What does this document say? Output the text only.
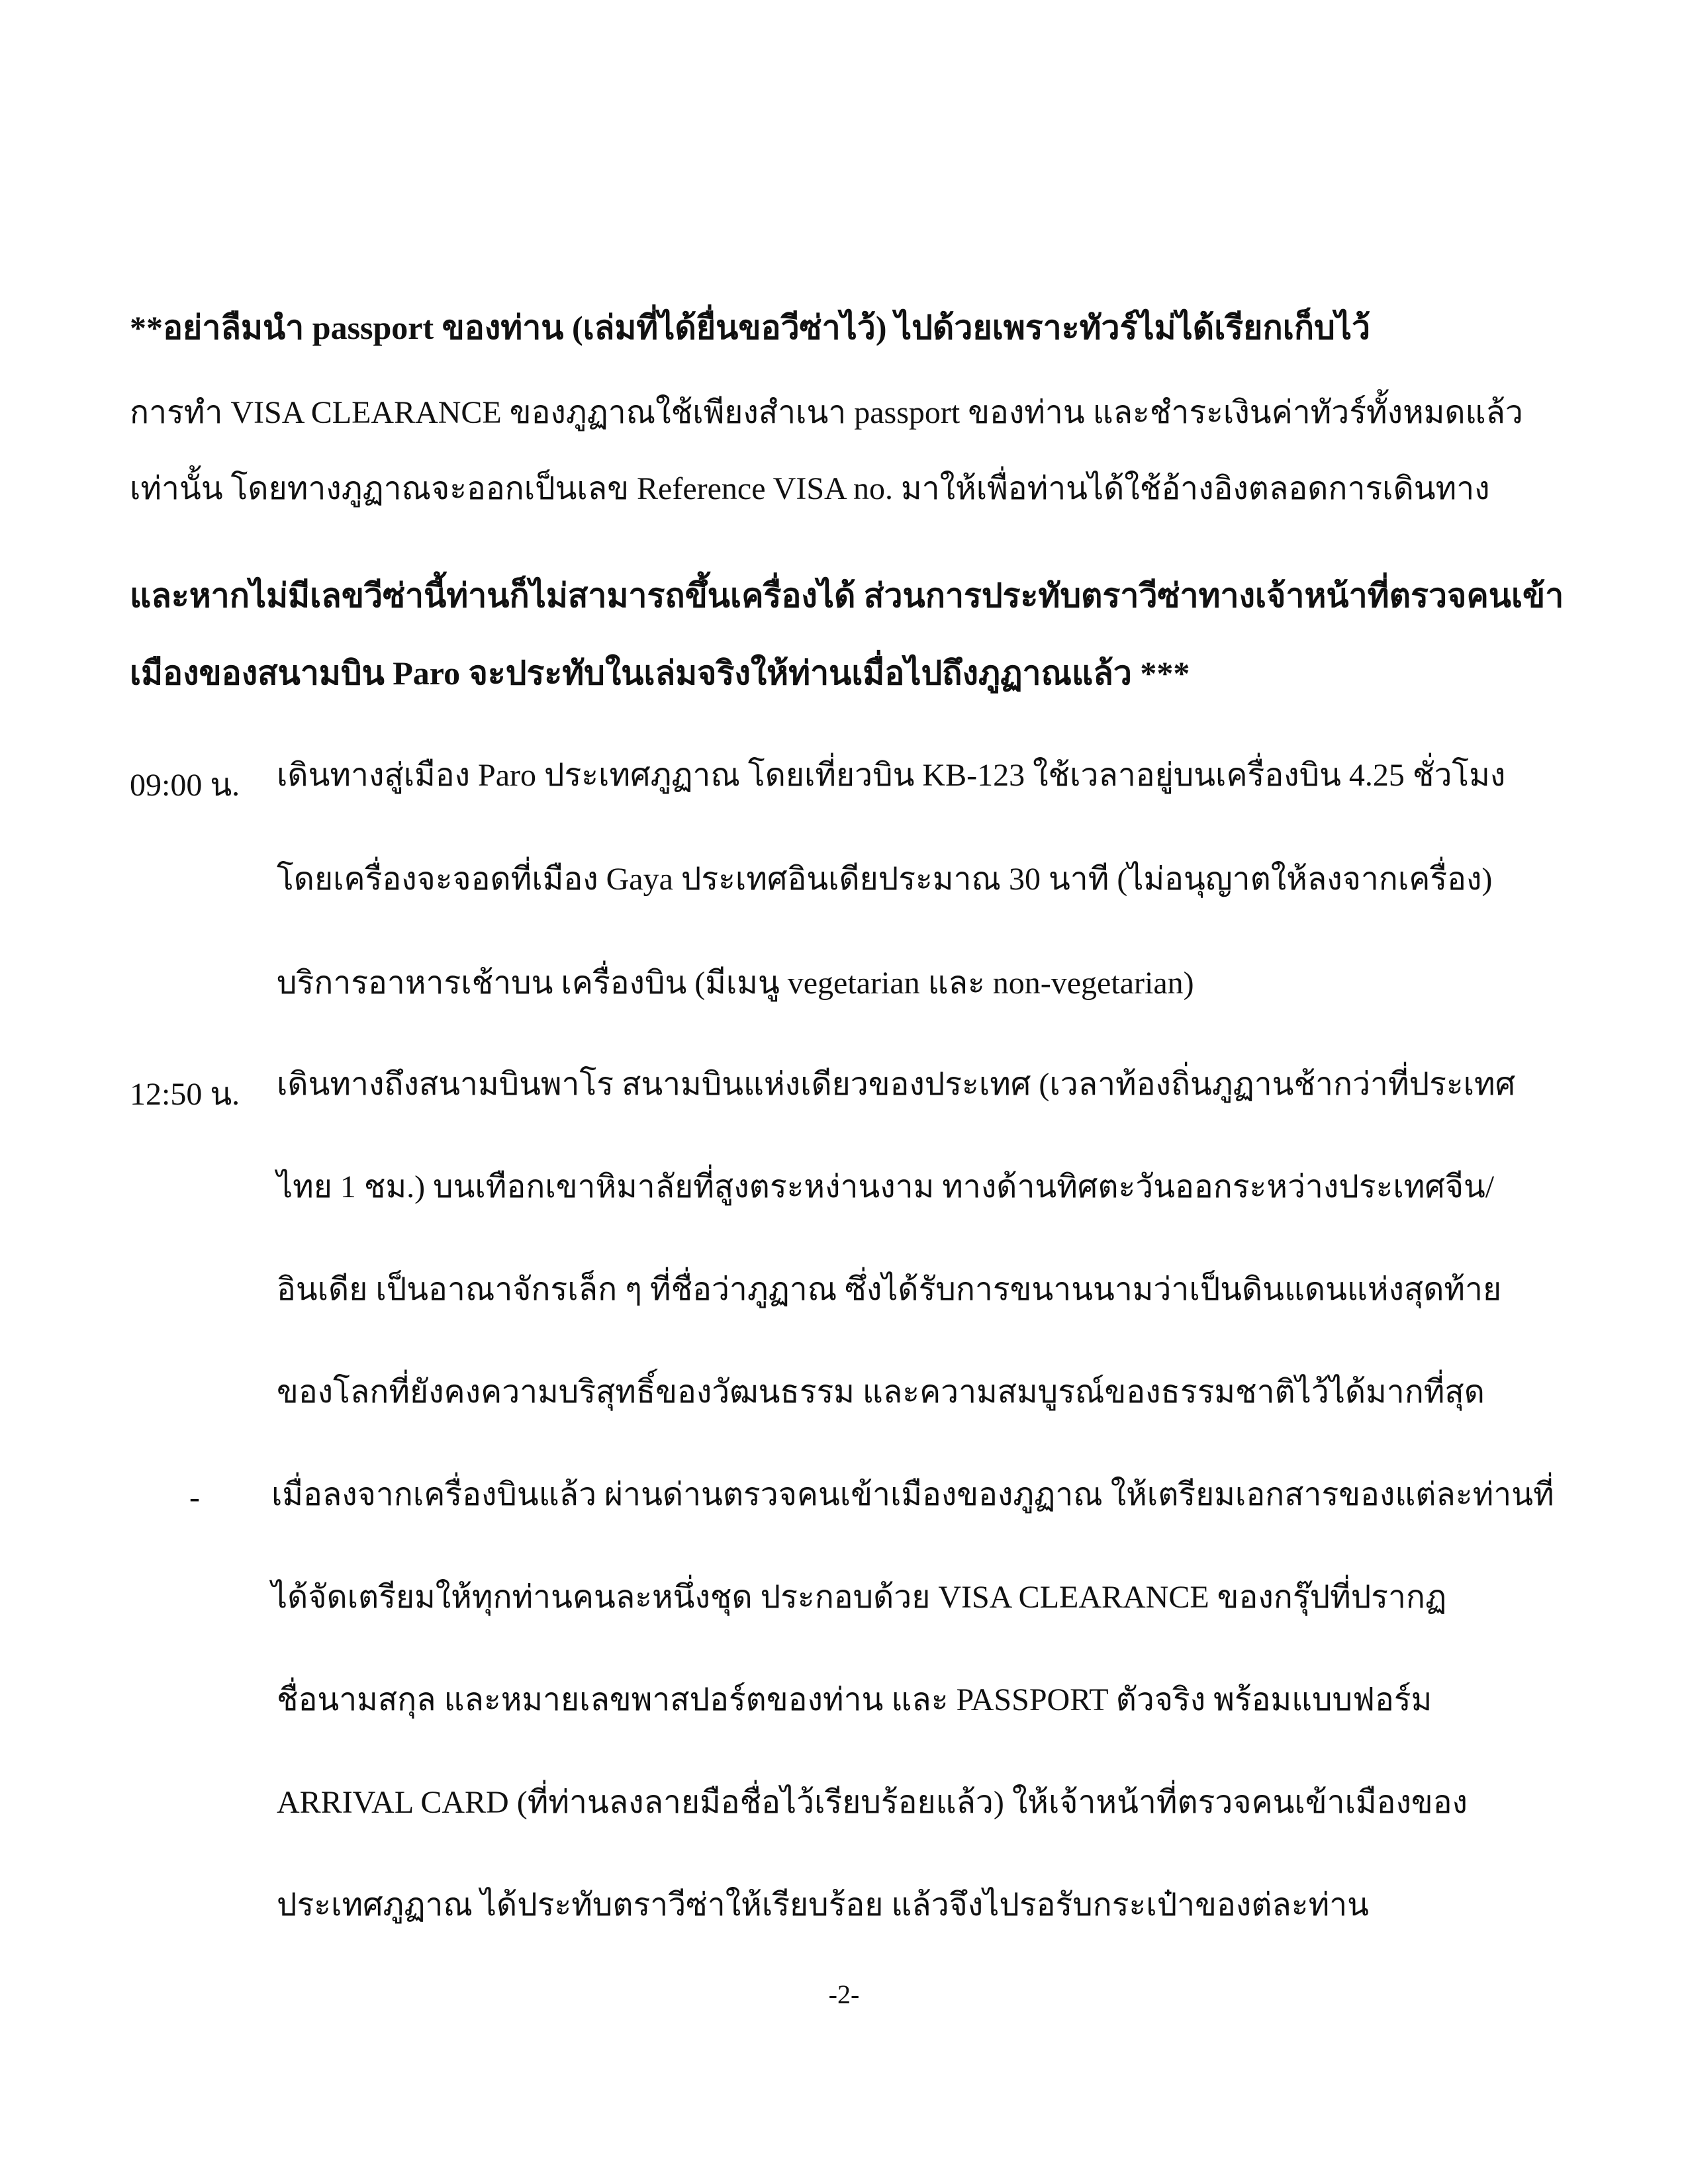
**อย่าลืมนำ passport ของท่าน (เล่มที่ได้ยื่นขอวีซ่าไว้) ไปด้วยเพราะทัวร์ไม่ได้เรียกเก็บไว้
การทำ VISA CLEARANCE ของภูฏาณใช้เพียงสำเนา passport ของท่าน และชำระเงินค่าทัวร์ทั้งหมดแล้ว
เท่านั้น โดยทางภูฏาณจะออกเป็นเลข Reference VISA no. มาให้เพื่อท่านได้ใช้อ้างอิงตลอดการเดินทาง
และหากไม่มีเลขวีซ่านี้ท่านก็ไม่สามารถขึ้นเครื่องได้ ส่วนการประทับตราวีซ่าทางเจ้าหน้าที่ตรวจคนเข้า
เมืองของสนามบิน Paro จะประทับในเล่มจริงให้ท่านเมื่อไปถึงภูฏาณแล้ว ***
09:00 น. เดินทางสู่เมือง Paro ประเทศภูฏาณ โดยเที่ยวบิน KB-123 ใช้เวลาอยู่บนเครื่องบิน 4.25 ชั่วโมง
โดยเครื่องจะจอดที่เมือง Gaya ประเทศอินเดียประมาณ 30 นาที (ไม่อนุญาตให้ลงจากเครื่อง)
บริการอาหารเช้าบน เครื่องบิน (มีเมนู vegetarian และ non-vegetarian)
12:50 น. เดินทางถึงสนามบินพาโร สนามบินแห่งเดียวของประเทศ (เวลาท้องถิ่นภูฏานช้ากว่าที่ประเทศ
ไทย 1 ชม.) บนเทือกเขาหิมาลัยที่สูงตระหง่านงาม ทางด้านทิศตะวันออกระหว่างประเทศจีน/
อินเดีย เป็นอาณาจักรเล็ก ๆ ที่ชื่อว่าภูฏาณ ซึ่งได้รับการขนานนามว่าเป็นดินแดนแห่งสุดท้าย
ของโลกที่ยังคงความบริสุทธิ์ของวัฒนธรรม และความสมบูรณ์ของธรรมชาติไว้ได้มากที่สุด
- เมื่อลงจากเครื่องบินแล้ว ผ่านด่านตรวจคนเข้าเมืองของภูฏาณ ให้เตรียมเอกสารของแต่ละท่านที่
ได้จัดเตรียมให้ทุกท่านคนละหนึ่งชุด ประกอบด้วย VISA CLEARANCE ของกรุ๊ปที่ปรากฏ
ชื่อนามสกุล และหมายเลขพาสปอร์ตของท่าน และ PASSPORT ตัวจริง พร้อมแบบฟอร์ม
ARRIVAL CARD (ที่ท่านลงลายมือชื่อไว้เรียบร้อยแล้ว) ให้เจ้าหน้าที่ตรวจคนเข้าเมืองของ
ประเทศภูฏาณ ได้ประทับตราวีซ่าให้เรียบร้อย แล้วจึงไปรอรับกระเป๋าของต่ละท่าน
-2-
